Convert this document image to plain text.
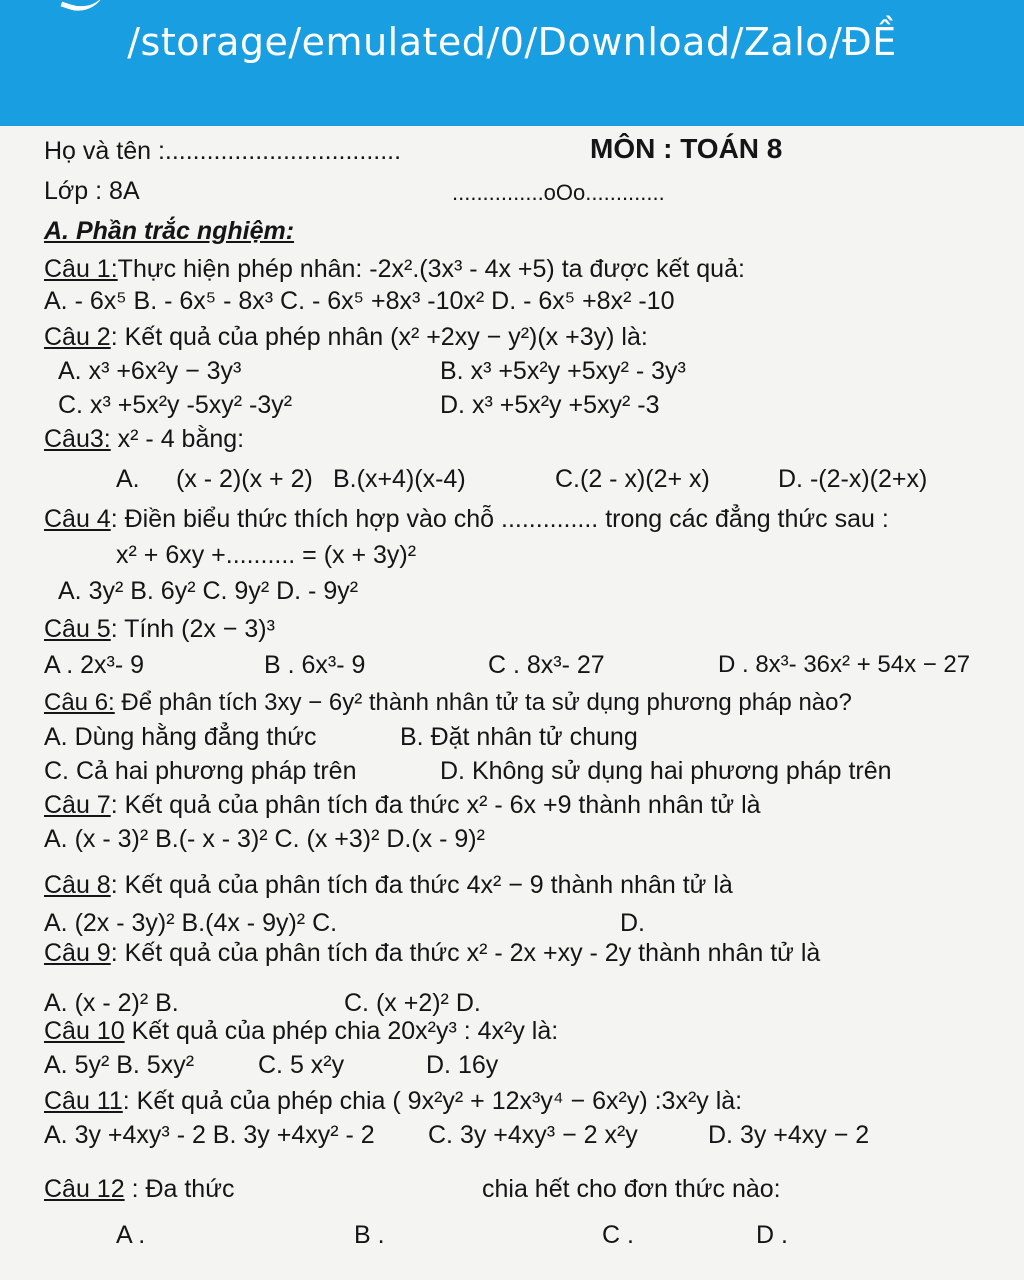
/storage/emulated/0/Download/Zalo/ĐỀ
Họ và tên :..................................	MÔN : TOÁN 8
Lớp : 8A	...............oOo.............
A. Phần trắc nghiệm:
Câu 1:Thực hiện phép nhân: -2x².(3x³ - 4x +5) ta được kết quả:
A. - 6x⁵ B. - 6x⁵ - 8x³ C. - 6x⁵ +8x³ -10x² D. - 6x⁵ +8x² -10
Câu 2: Kết quả của phép nhân (x² +2xy − y²)(x +3y) là:
A. x³ +6x²y − 3y³	B. x³ +5x²y +5xy² - 3y³
C. x³ +5x²y -5xy² -3y²	D. x³ +5x²y +5xy² -3
Câu3: x² - 4 bằng:
A. (x - 2)(x + 2) B.(x+4)(x-4)	C.(2 - x)(2+ x)	D. -(2-x)(2+x)
Câu 4: Điền biểu thức thích hợp vào chỗ .............. trong các đẳng thức sau :
x² + 6xy +.......... = (x + 3y)²
A. 3y² B. 6y² C. 9y² D. - 9y²
Câu 5: Tính (2x − 3)³
A . 2x³- 9	B . 6x³- 9	C . 8x³- 27	D . 8x³- 36x² + 54x − 27
Câu 6: Để phân tích 3xy − 6y² thành nhân tử ta sử dụng phương pháp nào?
A. Dùng hằng đẳng thức	B. Đặt nhân tử chung
C. Cả hai phương pháp trên	D. Không sử dụng hai phương pháp trên
Câu 7: Kết quả của phân tích đa thức x² - 6x +9 thành nhân tử là
A. (x - 3)² B.(- x - 3)² C. (x +3)² D.(x - 9)²
Câu 8: Kết quả của phân tích đa thức 4x² − 9 thành nhân tử là
A. (2x - 3y)² B.(4x - 9y)² C.	D.
Câu 9: Kết quả của phân tích đa thức x² - 2x +xy - 2y thành nhân tử là
A. (x - 2)² B.	C. (x +2)² D.
Câu 10 Kết quả của phép chia 20x²y³ : 4x²y là:
A. 5y² B. 5xy²	C. 5 x²y	D. 16y
Câu 11: Kết quả của phép chia ( 9x²y² + 12x³y⁴ − 6x²y) :3x²y là:
A. 3y +4xy³ - 2 B. 3y +4xy² - 2 C. 3y +4xy³ − 2 x²y	D. 3y +4xy − 2
Câu 12 : Đa thức	chia hết cho đơn thức nào:
A .	B .	C .	D .
